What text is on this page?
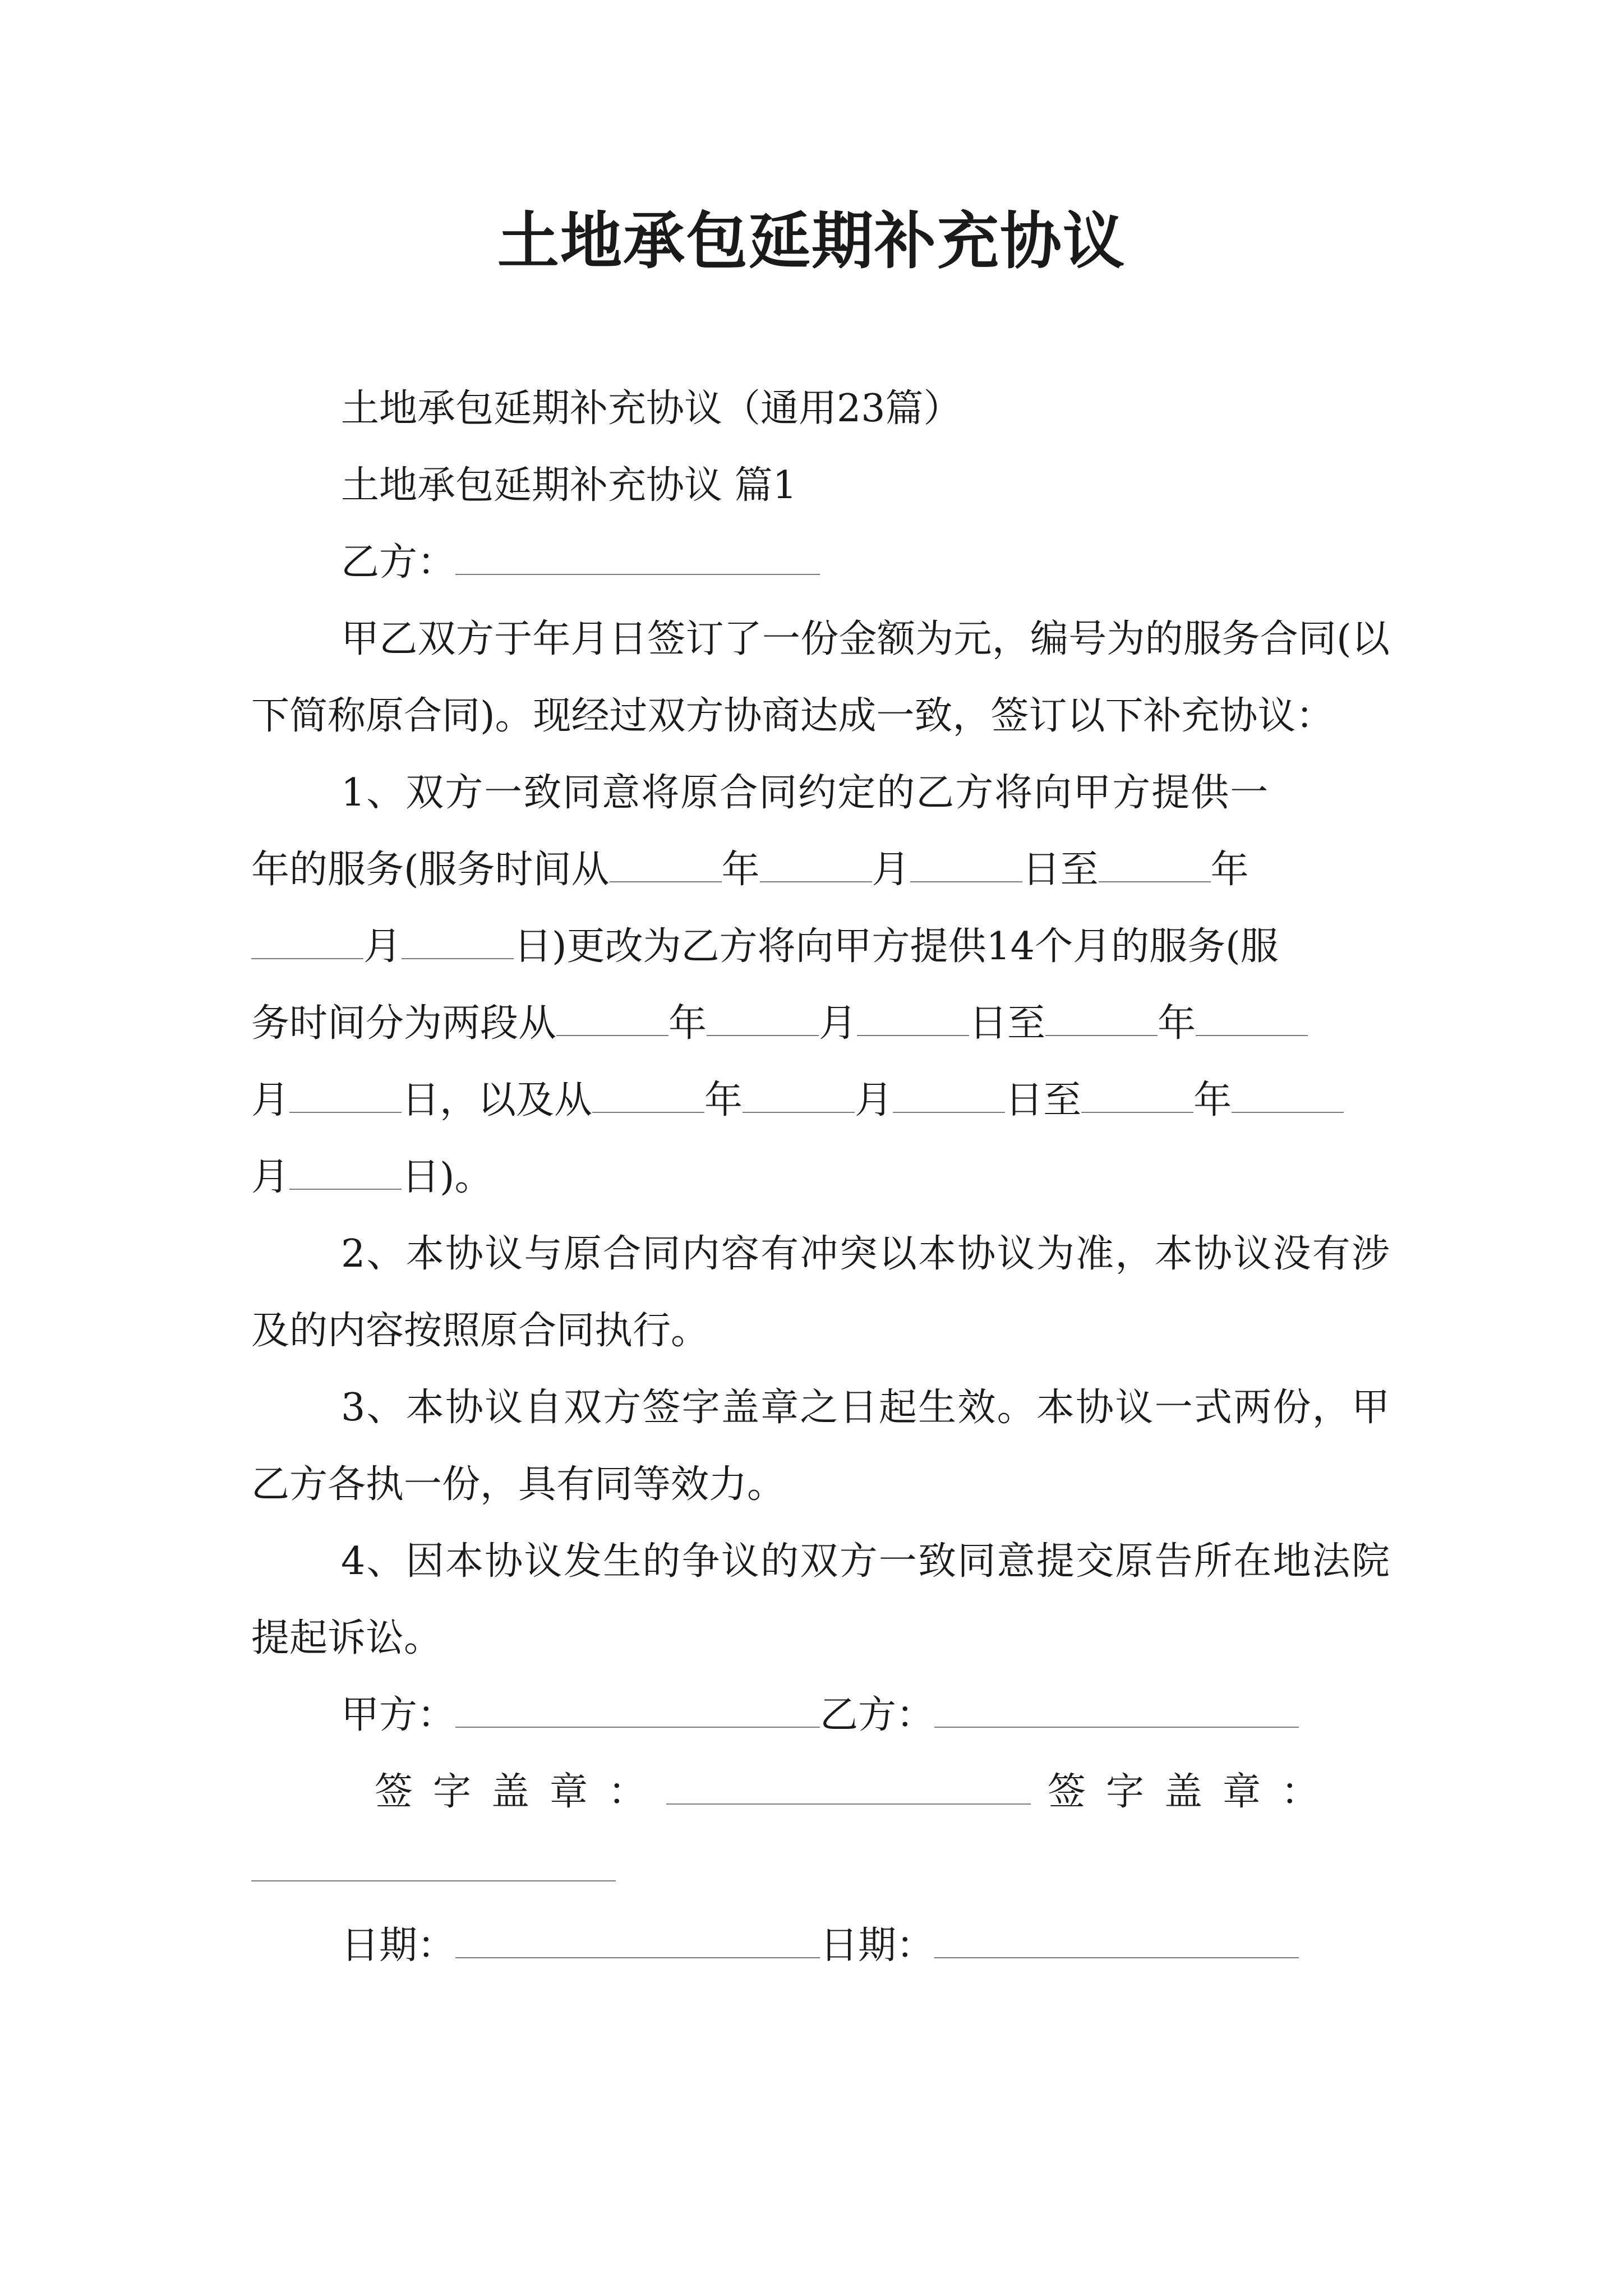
土地承包延期补充协议
土地承包延期补充协议（通用23篇）
土地承包延期补充协议 篇1
乙方：

甲乙双方于年月日签订了一份金额为元，编号为的服务合同(以下简称原合同)。现经过双方协商达成一致，签订以下补充协议：

1、双方一致同意将原合同约定的乙方将向甲方提供一
年的服务(服务时间从	年	月	日至	年
月	日)更改为乙方将向甲方提供14个月的服务(服
务时间分为两段从	年	月	日至	年
月	日，以及从	年	月	日至	年
月	日)。

2、本协议与原合同内容有冲突以本协议为准，本协议没有涉及的内容按照原合同执行。

3、本协议自双方签字盖章之日起生效。本协议一式两份，甲乙方各执一份，具有同等效力。

4、因本协议发生的争议的双方一致同意提交原告所在地法院提起诉讼。

甲方：	乙方：
签字盖章：	签字盖章：
日期：	日期：
